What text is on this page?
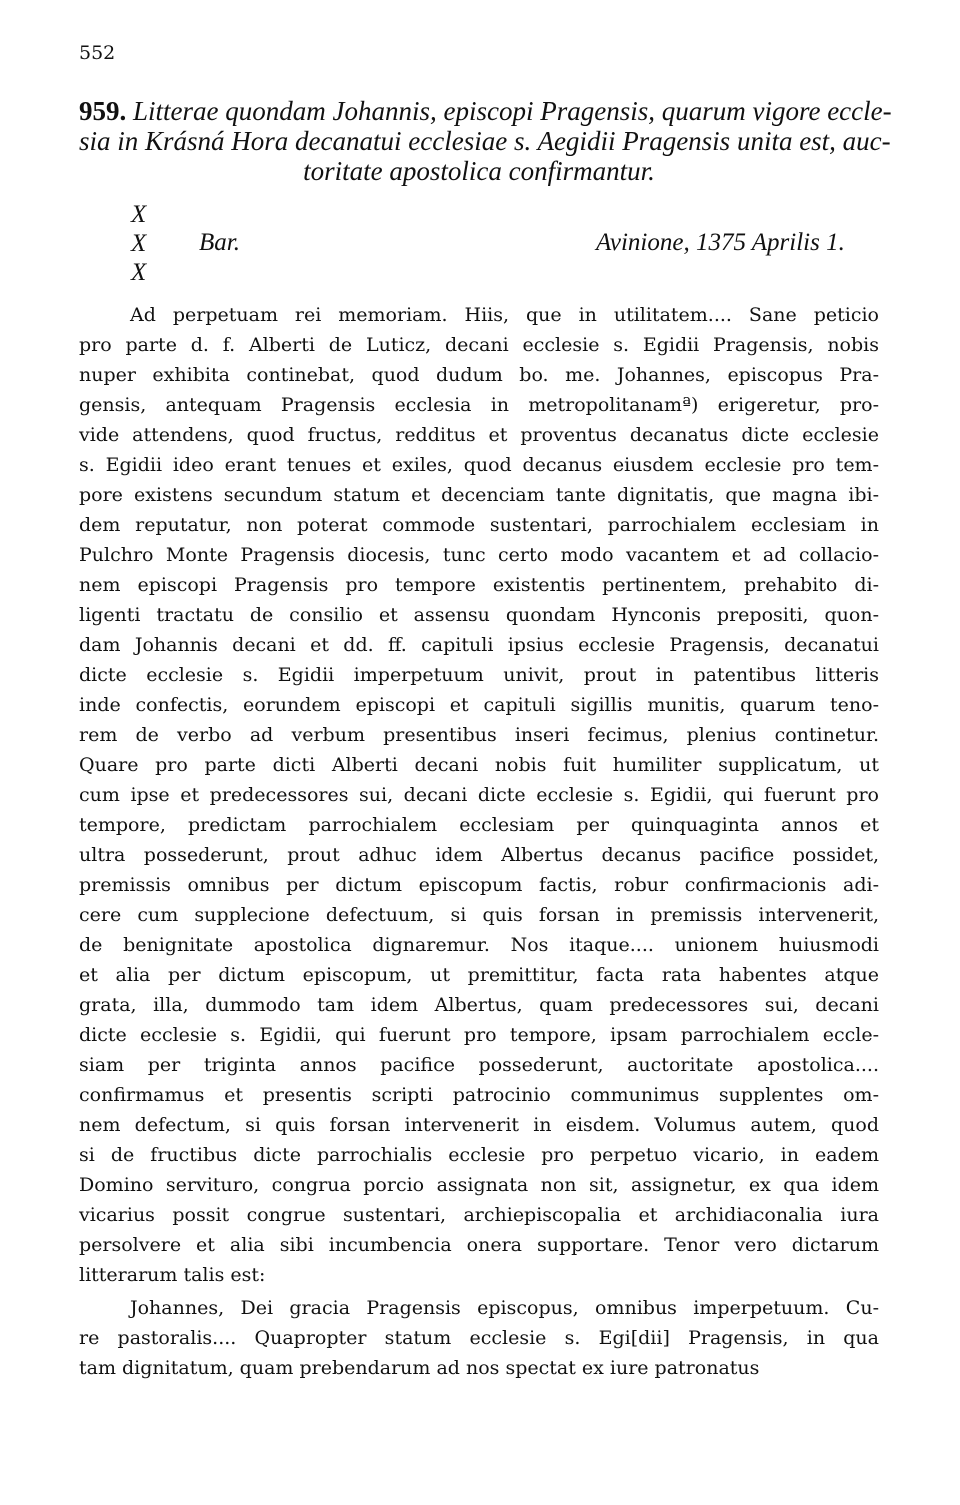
552
959. Litterae quondam Johannis, episcopi Pragensis, quarum vigore eccle-
sia in Krásná Hora decanatui ecclesiae s. Aegidii Pragensis unita est, auc-
toritate apostolica confirmantur.
X
X
X
Bar.	Avinione, 1375 Aprilis 1.
Ad perpetuam rei memoriam. Hiis, que in utilitatem.... Sane peticio
pro parte d. f. Alberti de Luticz, decani ecclesie s. Egidii Pragensis, nobis
nuper exhibita continebat, quod dudum bo. me. Johannes, episcopus Pra-
gensis, antequam Pragensis ecclesia in metropolitanamª) erigeretur, pro-
vide attendens, quod fructus, redditus et proventus decanatus dicte ecclesie
s. Egidii ideo erant tenues et exiles, quod decanus eiusdem ecclesie pro tem-
pore existens secundum statum et decenciam tante dignitatis, que magna ibi-
dem reputatur, non poterat commode sustentari, parrochialem ecclesiam in
Pulchro Monte Pragensis diocesis, tunc certo modo vacantem et ad collacio-
nem episcopi Pragensis pro tempore existentis pertinentem, prehabito di-
ligenti tractatu de consilio et assensu quondam Hynconis prepositi, quon-
dam Johannis decani et dd. ff. capituli ipsius ecclesie Pragensis, decanatui
dicte ecclesie s. Egidii imperpetuum univit, prout in patentibus litteris
inde confectis, eorundem episcopi et capituli sigillis munitis, quarum teno-
rem de verbo ad verbum presentibus inseri fecimus, plenius continetur.
Quare pro parte dicti Alberti decani nobis fuit humiliter supplicatum, ut
cum ipse et predecessores sui, decani dicte ecclesie s. Egidii, qui fuerunt pro
tempore, predictam parrochialem ecclesiam per quinquaginta annos et
ultra possederunt, prout adhuc idem Albertus decanus pacifice possidet,
premissis omnibus per dictum episcopum factis, robur confirmacionis adi-
cere cum supplecione defectuum, si quis forsan in premissis intervenerit,
de benignitate apostolica dignaremur. Nos itaque.... unionem huiusmodi
et alia per dictum episcopum, ut premittitur, facta rata habentes atque
grata, illa, dummodo tam idem Albertus, quam predecessores sui, decani
dicte ecclesie s. Egidii, qui fuerunt pro tempore, ipsam parrochialem eccle-
siam per triginta annos pacifice possederunt, auctoritate apostolica....
confirmamus et presentis scripti patrocinio communimus supplentes om-
nem defectum, si quis forsan intervenerit in eisdem. Volumus autem, quod
si de fructibus dicte parrochialis ecclesie pro perpetuo vicario, in eadem
Domino servituro, congrua porcio assignata non sit, assignetur, ex qua idem
vicarius possit congrue sustentari, archiepiscopalia et archidiaconalia iura
persolvere et alia sibi incumbencia onera supportare. Tenor vero dictarum
litterarum talis est:
Johannes, Dei gracia Pragensis episcopus, omnibus imperpetuum. Cu-
re pastoralis.... Quapropter statum ecclesie s. Egi[dii] Pragensis, in qua
tam dignitatum, quam prebendarum ad nos spectat ex iure patronatus
